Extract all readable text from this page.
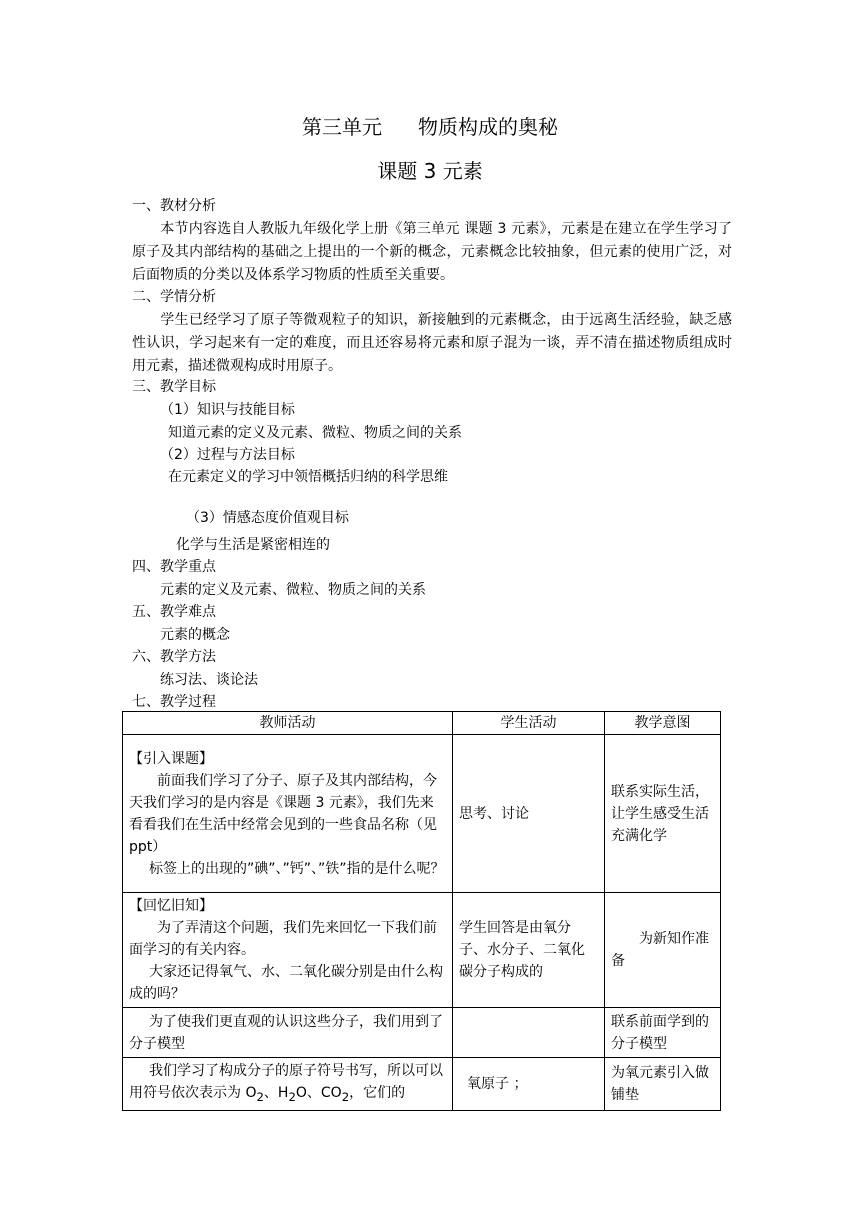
第三单元 物质构成的奥秘
课题 3 元素
一、教材分析
本节内容选自人教版九年级化学上册《第三单元 课题 3 元素》，元素是在建立在学生学习了原子及其内部结构的基础之上提出的一个新的概念，元素概念比较抽象，但元素的使用广泛，对后面物质的分类以及体系学习物质的性质至关重要。
二、学情分析
学生已经学习了原子等微观粒子的知识，新接触到的元素概念，由于远离生活经验，缺乏感性认识，学习起来有一定的难度，而且还容易将元素和原子混为一谈，弄不清在描述物质组成时用元素，描述微观构成时用原子。
三、教学目标
（1）知识与技能目标
知道元素的定义及元素、微粒、物质之间的关系
（2）过程与方法目标
在元素定义的学习中领悟概括归纳的科学思维
（3）情感态度价值观目标
化学与生活是紧密相连的
四、教学重点
元素的定义及元素、微粒、物质之间的关系
五、教学难点
元素的概念
六、教学方法
练习法、谈论法
七、教学过程
教师活动	学生活动	教学意图

【引入课题】

前面我们学习了分子、原子及其内部结构，今天我们学习的是内容是《课题 3 元素》，我们先来看看我们在生活中经常会见到的一些食品名称（见 ppt）

标签上的出现的”碘”、”钙”、”铁”指的是什么呢？	思考、讨论	联系实际生活，让学生感受生活充满化学

【回忆旧知】

为了弄清这个问题，我们先来回忆一下我们前面学习的有关内容。

大家还记得氧气、水、二氧化碳分别是由什么构成的吗？	学生回答是由氧分子、水分子、二氧化碳分子构成的	为新知作准备

为了使我们更直观的认识这些分子，我们用到了分子模型		联系前面学到的分子模型

我们学习了构成分子的原子符号书写，所以可以用符号依次表示为 $O_2$、$H_2O$、$CO_2$，它们的	氧原子 ；	为氧元素引入做铺垫
